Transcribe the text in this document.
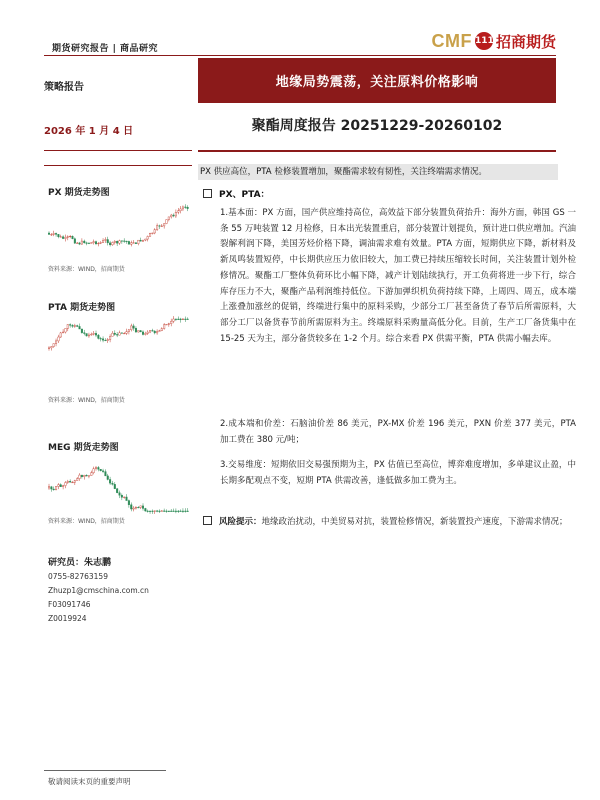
期货研究报告 | 商品研究	CMF 111 招商期货
策略报告	地缘局势震荡，关注原料价格影响
2026 年 1 月 4 日	聚酯周度报告 20251229-20260102
PX 期货走势图
资料来源：WIND，招商期货
PTA 期货走势图
资料来源：WIND，招商期货
MEG 期货走势图
资料来源：WIND，招商期货
研究员：朱志鹏
0755-82763159
Zhuzp1@cmschina.com.cn
F03091746
Z0019924
PX 供应高位，PTA 检修装置增加，聚酯需求较有韧性，关注终端需求情况。
PX、PTA：
1.基本面：PX 方面，国产供应维持高位，高效益下部分装置负荷抬升：海外方面，韩国 GS 一条 55 万吨装置 12 月检修，日本出光装置重启，部分装置计划提负，预计进口供应增加。汽油裂解利润下降，美国芳烃价格下降，调油需求难有效量。PTA 方面，短期供应下降，新材料及新凤鸣装置短停，中长期供应压力依旧较大，加工费已持续压缩较长时间，关注装置计划外检修情况。聚酯工厂整体负荷环比小幅下降，减产计划陆续执行，开工负荷将进一步下行，综合库存压力不大，聚酯产品利润维持低位。下游加弹织机负荷持续下降，上周四、周五，成本端上涨叠加涨丝的促销，终端进行集中的原料采购，少部分工厂甚至备货了春节后所需原料，大部分工厂以备货春节前所需原料为主。终端原料采购量高低分化。目前，生产工厂备货集中在 15-25 天为主，部分备货较多在 1-2 个月。综合来看 PX 供需平衡，PTA 供需小幅去库。
2.成本端和价差：石脑油价差 86 美元，PX-MX 价差 196 美元，PXN 价差 377 美元，PTA 加工费在 380 元/吨；
3.交易维度：短期依旧交易强预期为主，PX 估值已至高位，博弈难度增加，多单建议止盈，中长期多配观点不变，短期 PTA 供需改善，逢低做多加工费为主。
风险提示：地缘政治扰动，中美贸易对抗，装置检修情况，新装置投产速度，下游需求情况；
敬请阅读末页的重要声明
